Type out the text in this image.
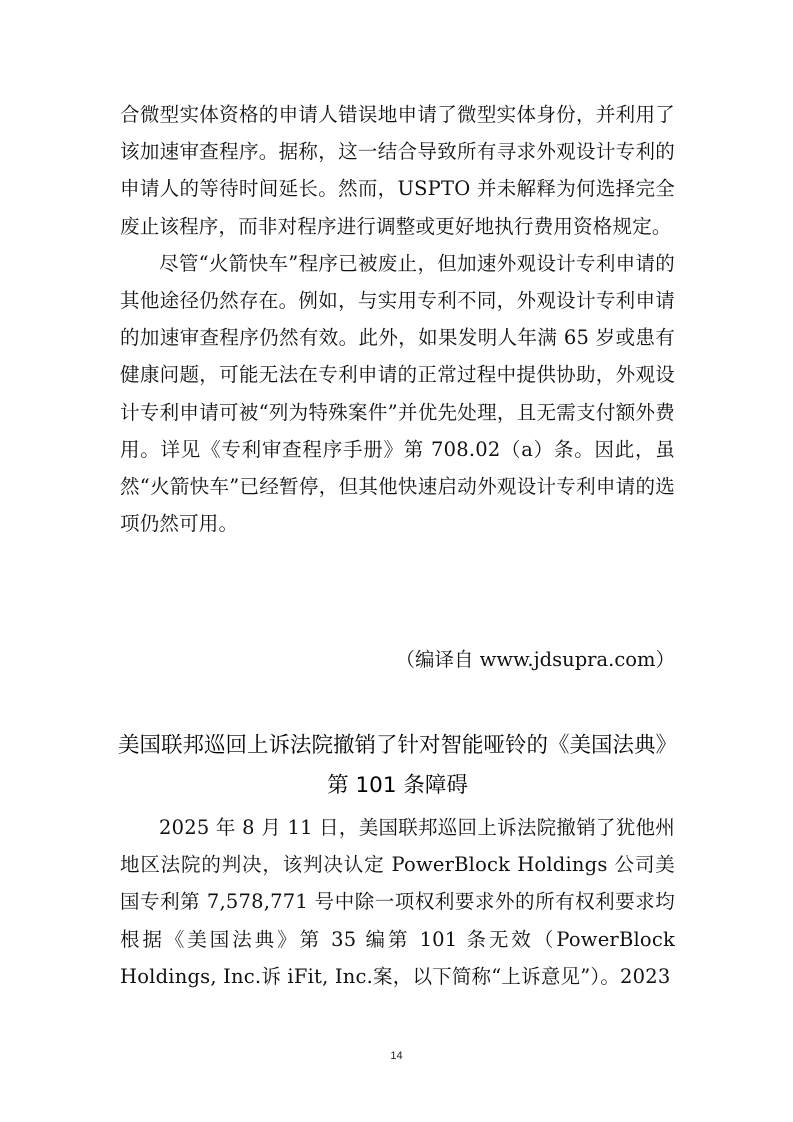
合微型实体资格的申请人错误地申请了微型实体身份，并利用了该加速审查程序。据称，这一结合导致所有寻求外观设计专利的申请人的等待时间延长。然而，USPTO 并未解释为何选择完全废止该程序，而非对程序进行调整或更好地执行费用资格规定。

尽管“火箭快车”程序已被废止，但加速外观设计专利申请的其他途径仍然存在。例如，与实用专利不同，外观设计专利申请的加速审查程序仍然有效。此外，如果发明人年满 65 岁或患有健康问题，可能无法在专利申请的正常过程中提供协助，外观设计专利申请可被“列为特殊案件”并优先处理，且无需支付额外费用。详见《专利审查程序手册》第 708.02（a）条。因此，虽然“火箭快车”已经暂停，但其他快速启动外观设计专利申请的选项仍然可用。

（编译自 www.jdsupra.com）
美国联邦巡回上诉法院撤销了针对智能哑铃的《美国法典》第 101 条障碍

2025 年 8 月 11 日，美国联邦巡回上诉法院撤销了犹他州地区法院的判决，该判决认定 PowerBlock Holdings 公司美国专利第 7,578,771 号中除一项权利要求外的所有权利要求均根据《美国法典》第 35 编第 101 条无效（PowerBlock Holdings, Inc.诉 iFit, Inc.案，以下简称“上诉意见”）。2023

14
